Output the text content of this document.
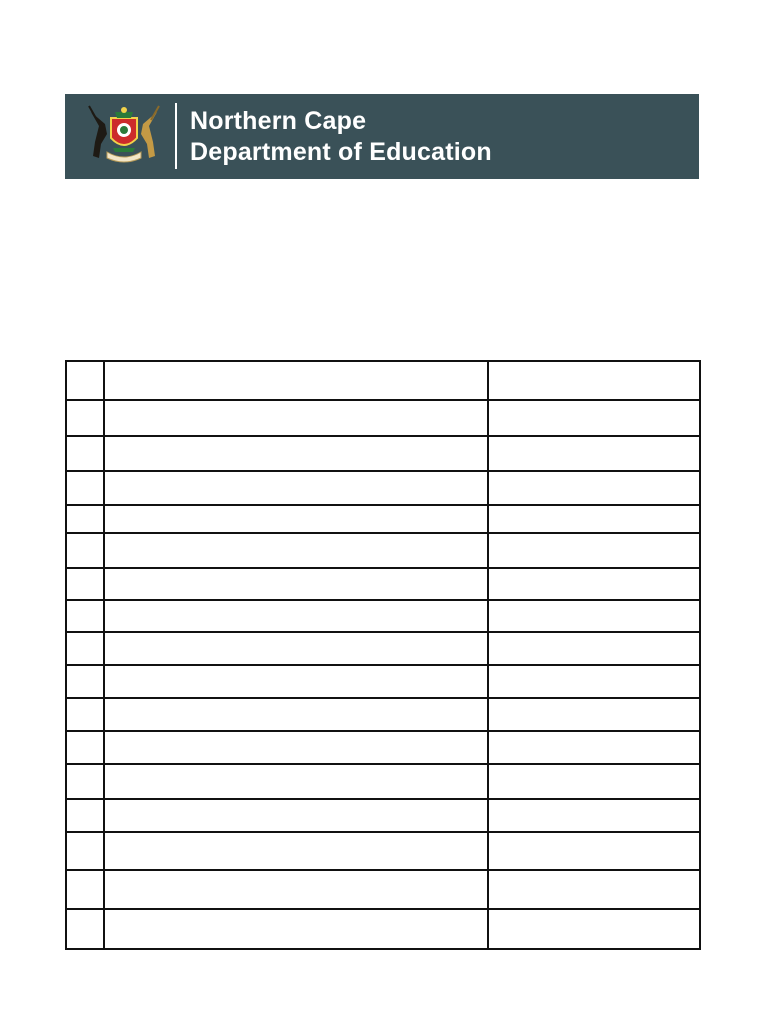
Northern Cape
Department of Education
